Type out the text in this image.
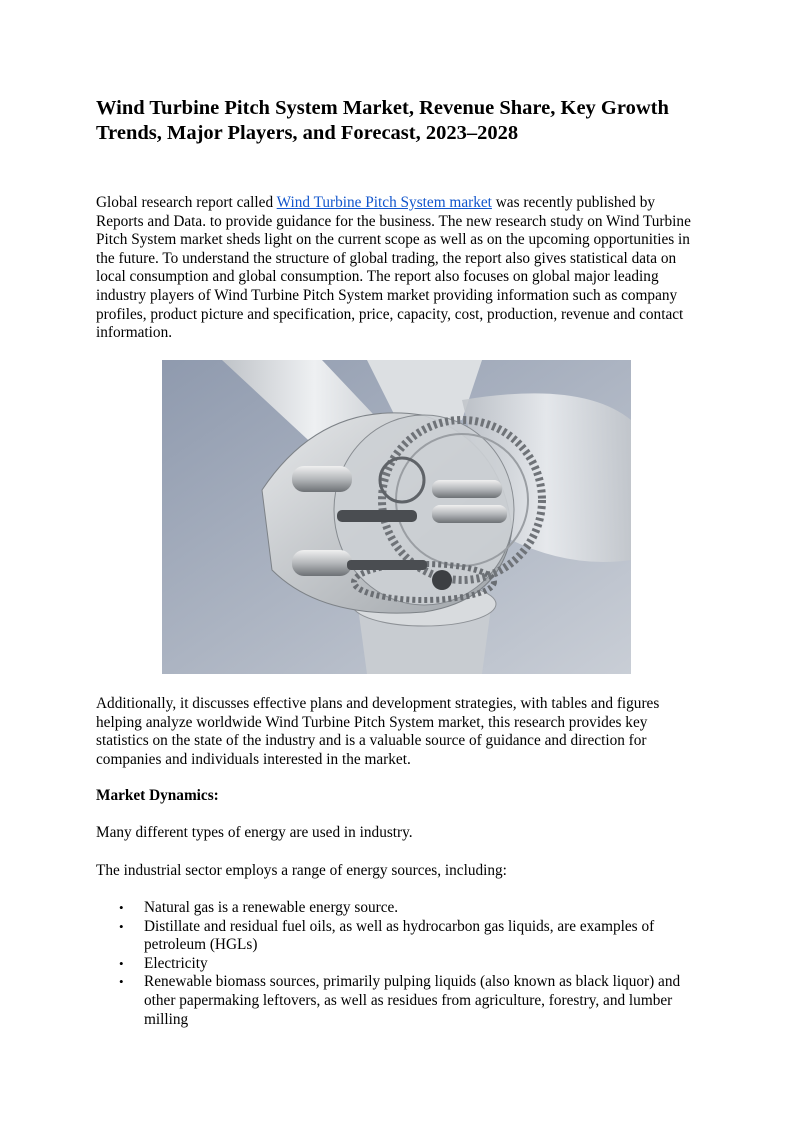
Wind Turbine Pitch System Market, Revenue Share, Key Growth Trends, Major Players, and Forecast, 2023–2028

Global research report called Wind Turbine Pitch System market was recently published by Reports and Data. to provide guidance for the business. The new research study on Wind Turbine Pitch System market sheds light on the current scope as well as on the upcoming opportunities in the future. To understand the structure of global trading, the report also gives statistical data on local consumption and global consumption. The report also focuses on global major leading industry players of Wind Turbine Pitch System market providing information such as company profiles, product picture and specification, price, capacity, cost, production, revenue and contact information.

Additionally, it discusses effective plans and development strategies, with tables and figures helping analyze worldwide Wind Turbine Pitch System market, this research provides key statistics on the state of the industry and is a valuable source of guidance and direction for companies and individuals interested in the market.

Market Dynamics:

Many different types of energy are used in industry.

The industrial sector employs a range of energy sources, including:

• Natural gas is a renewable energy source.
• Distillate and residual fuel oils, as well as hydrocarbon gas liquids, are examples of petroleum (HGLs)
• Electricity
• Renewable biomass sources, primarily pulping liquids (also known as black liquor) and other papermaking leftovers, as well as residues from agriculture, forestry, and lumber milling
